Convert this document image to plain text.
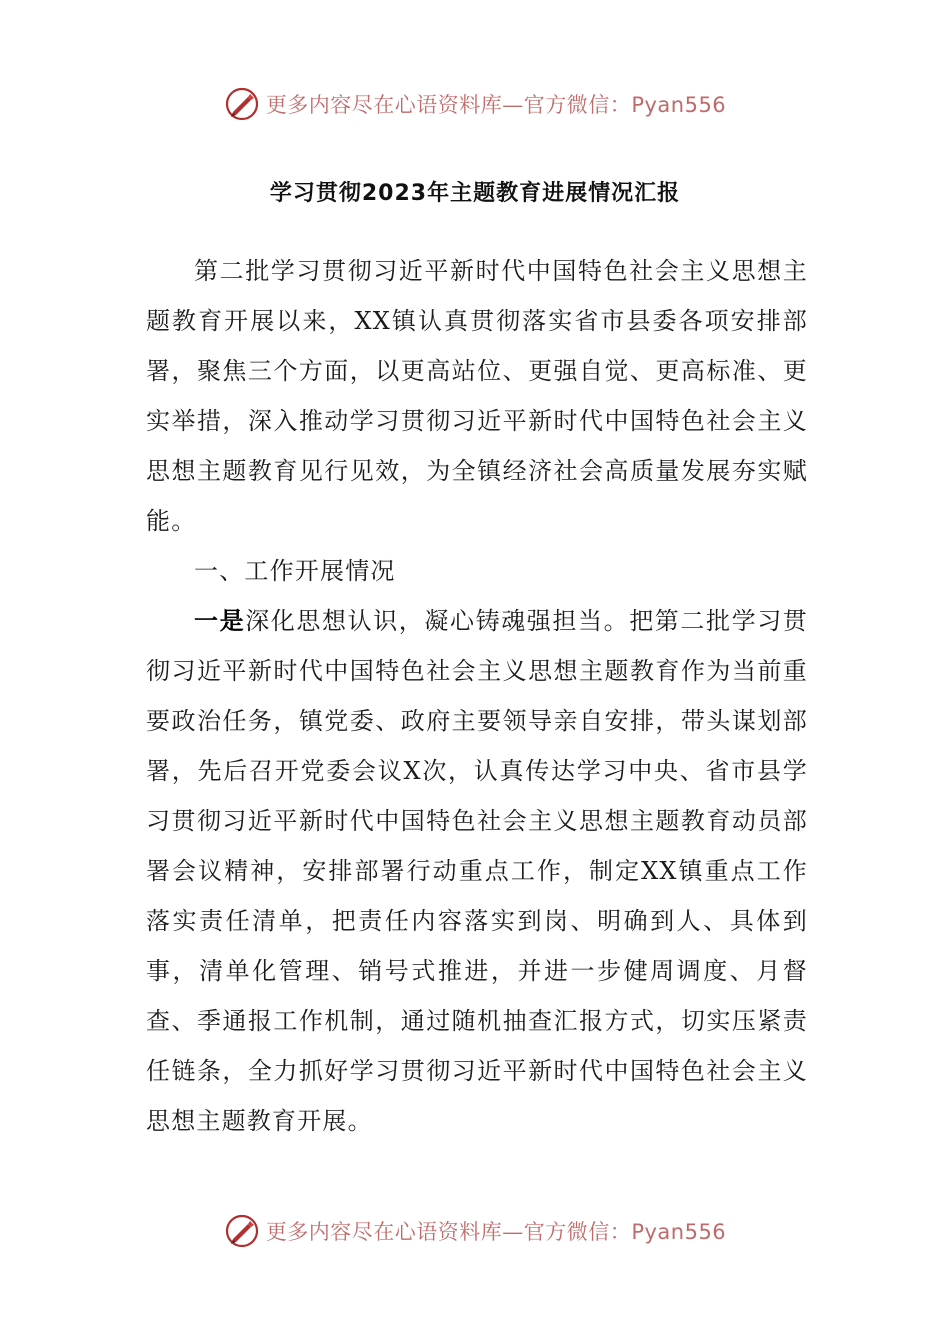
更多内容尽在心语资料库—官方微信：Pyan556
学习贯彻2023年主题教育进展情况汇报

第二批学习贯彻习近平新时代中国特色社会主义思想主题教育开展以来，XX镇认真贯彻落实省市县委各项安排部署，聚焦三个方面，以更高站位、更强自觉、更高标准、更实举措，深入推动学习贯彻习近平新时代中国特色社会主义思想主题教育见行见效，为全镇经济社会高质量发展夯实赋能。

一、工作开展情况

一是深化思想认识，凝心铸魂强担当。把第二批学习贯彻习近平新时代中国特色社会主义思想主题教育作为当前重要政治任务，镇党委、政府主要领导亲自安排，带头谋划部署，先后召开党委会议X次，认真传达学习中央、省市县学习贯彻习近平新时代中国特色社会主义思想主题教育动员部署会议精神，安排部署行动重点工作，制定XX镇重点工作落实责任清单，把责任内容落实到岗、明确到人、具体到事，清单化管理、销号式推进，并进一步健周调度、月督查、季通报工作机制，通过随机抽查汇报方式，切实压紧责任链条，全力抓好学习贯彻习近平新时代中国特色社会主义思想主题教育开展。

更多内容尽在心语资料库—官方微信：Pyan556
